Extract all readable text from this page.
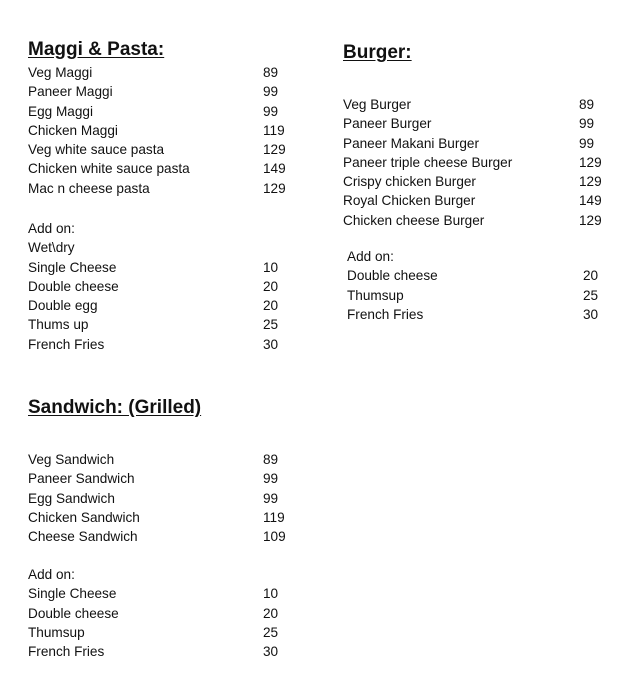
Maggi & Pasta:
Veg Maggi	89
Paneer Maggi	99
Egg Maggi	99
Chicken Maggi	119
Veg white sauce pasta	129
Chicken white sauce pasta	149
Mac n cheese pasta	129
Add on:
Wet\dry
Single Cheese	10
Double cheese	20
Double egg	20
Thums up	25
French Fries	30
Sandwich: (Grilled)
Veg Sandwich	89
Paneer Sandwich	99
Egg Sandwich	99
Chicken Sandwich	119
Cheese Sandwich	109
Add on:
Single Cheese	10
Double cheese	20
Thumsup	25
French Fries	30
Burger:
Veg Burger	89
Paneer Burger	99
Paneer Makani Burger	99
Paneer triple cheese Burger	129
Crispy chicken Burger	129
Royal Chicken Burger	149
Chicken cheese Burger	129
Add on:
Double cheese	20
Thumsup	25
French Fries	30
